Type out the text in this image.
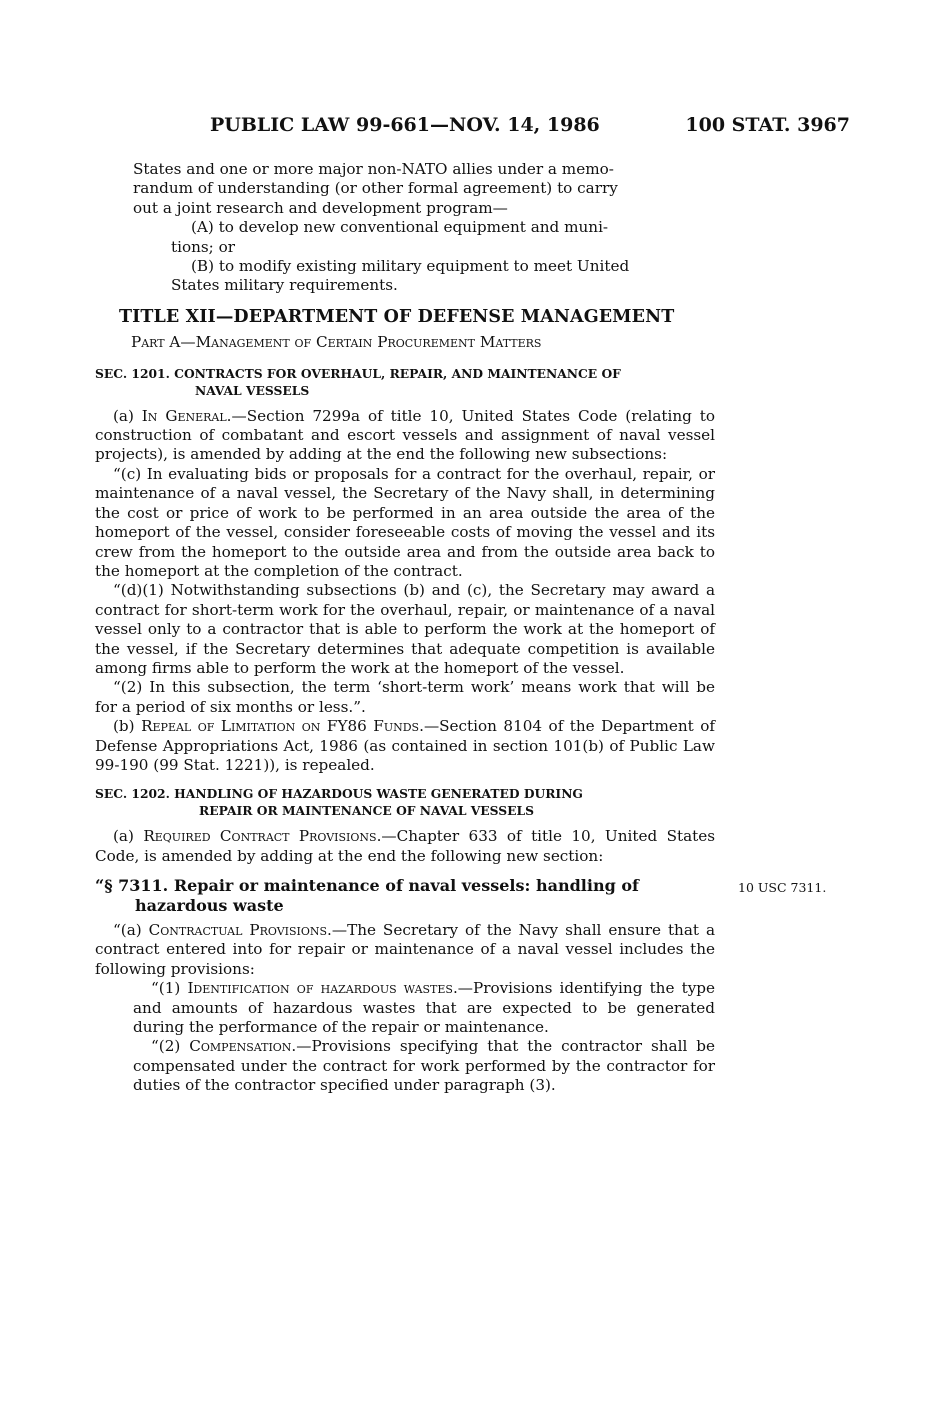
PUBLIC LAW 99-661—NOV. 14, 1986	100 STAT. 3967

States and one or more major non-NATO allies under a memo-

randum of understanding (or other formal agreement) to carry

out a joint research and development program—

(A) to develop new conventional equipment and muni-

tions; or

(B) to modify existing military equipment to meet United

States military requirements.

TITLE XII—DEPARTMENT OF DEFENSE MANAGEMENT
Part A—Management of Certain Procurement Matters
SEC. 1201. CONTRACTS FOR OVERHAUL, REPAIR, AND MAINTENANCE OF
NAVAL VESSELS

(a) In General.—Section 7299a of title 10, United States Code (relating to construction of combatant and escort vessels and assignment of naval vessel projects), is amended by adding at the end the following new subsections:

“(c) In evaluating bids or proposals for a contract for the overhaul, repair, or maintenance of a naval vessel, the Secretary of the Navy shall, in determining the cost or price of work to be performed in an area outside the area of the homeport of the vessel, consider foreseeable costs of moving the vessel and its crew from the homeport to the outside area and from the outside area back to the homeport at the completion of the contract.

“(d)(1) Notwithstanding subsections (b) and (c), the Secretary may award a contract for short-term work for the overhaul, repair, or maintenance of a naval vessel only to a contractor that is able to perform the work at the homeport of the vessel, if the Secretary determines that adequate competition is available among firms able to perform the work at the homeport of the vessel.

“(2) In this subsection, the term ‘short-term work’ means work that will be for a period of six months or less.”.

(b) Repeal of Limitation on FY86 Funds.—Section 8104 of the Department of Defense Appropriations Act, 1986 (as contained in section 101(b) of Public Law 99-190 (99 Stat. 1221)), is repealed.

SEC. 1202. HANDLING OF HAZARDOUS WASTE GENERATED DURING
REPAIR OR MAINTENANCE OF NAVAL VESSELS

(a) Required Contract Provisions.—Chapter 633 of title 10, United States Code, is amended by adding at the end the following new section:

“§ 7311. Repair or maintenance of naval vessels: handling of
hazardous waste
10 USC 7311.

“(a) Contractual Provisions.—The Secretary of the Navy shall ensure that a contract entered into for repair or maintenance of a naval vessel includes the following provisions:

“(1) Identification of hazardous wastes.—Provisions identifying the type and amounts of hazardous wastes that are expected to be generated during the performance of the repair or maintenance.

“(2) Compensation.—Provisions specifying that the contractor shall be compensated under the contract for work performed by the contractor for duties of the contractor specified under paragraph (3).
